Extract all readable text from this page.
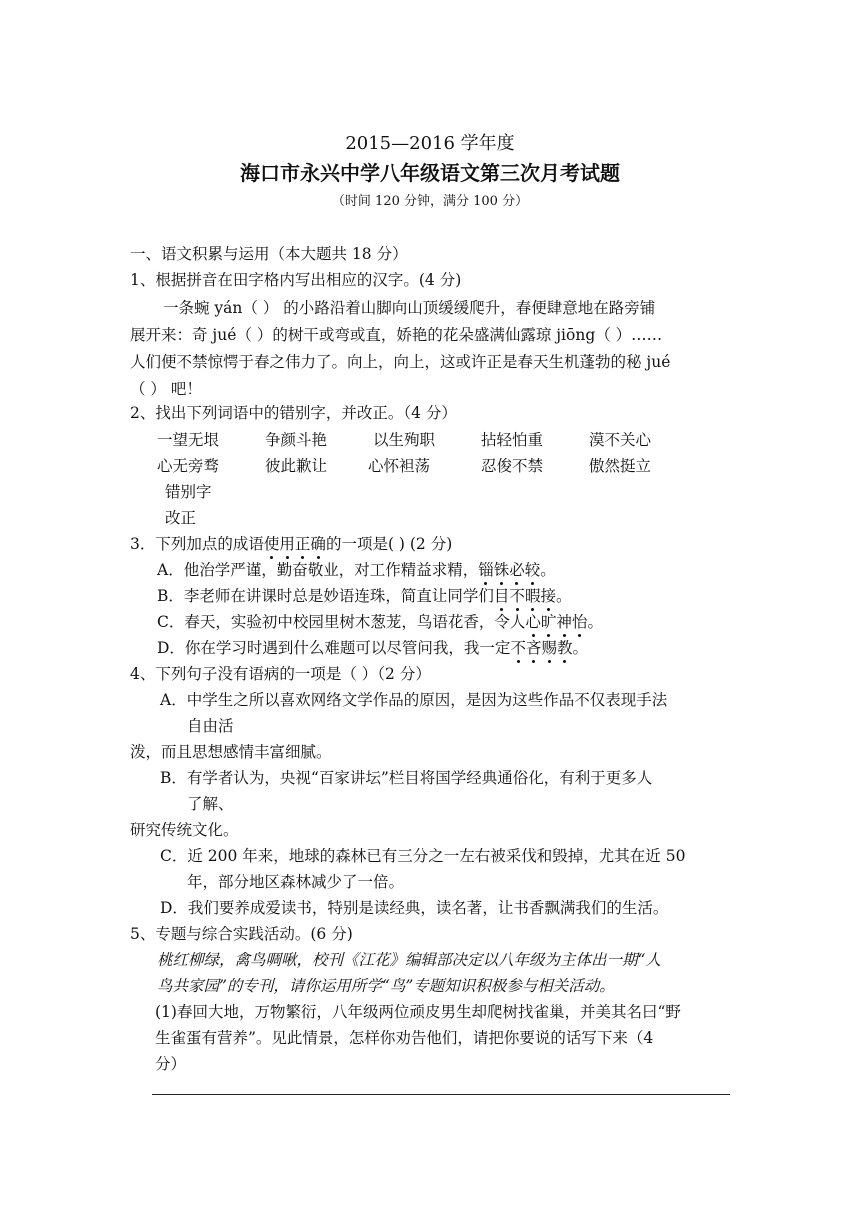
2015—2016 学年度
海口市永兴中学八年级语文第三次月考试题
（时间 120 分钟，满分 100 分）
一、语文积累与运用（本大题共 18 分）
1、根据拼音在田字格内写出相应的汉字。(4 分)
一条蜿 yán（ ） 的小路沿着山脚向山顶缓缓爬升，春便肆意地在路旁铺
展开来：奇 jué（ ）的树干或弯或直，娇艳的花朵盛满仙露琼 jiōng（ ）……
人们便不禁惊愕于春之伟力了。向上，向上，这或许正是春天生机蓬勃的秘 jué
（ ） 吧！
2、找出下列词语中的错别字，并改正。（4 分）
一望无垠	争颜斗艳	以生殉职	拈轻怕重	漠不关心
心无旁骛	彼此歉让	心怀袒荡	忍俊不禁	傲然挺立
错别字
改正
3．下列加点的成语使用正确的一项是( ) (2 分)
A．他治学严谨，勤奋敬业，对工作精益求精，锱铢必较。
B．李老师在讲课时总是妙语连珠，简直让同学们目不暇接。
C．春天，实验初中校园里树木葱茏，鸟语花香，令人心旷神怡。
D．你在学习时遇到什么难题可以尽管问我，我一定不吝赐教。
4、下列句子没有语病的一项是（ ）（2 分）
A．中学生之所以喜欢网络文学作品的原因，是因为这些作品不仅表现手法
自由活
泼，而且思想感情丰富细腻。
B．有学者认为，央视“百家讲坛”栏目将国学经典通俗化，有利于更多人
了解、
研究传统文化。
C．近 200 年来，地球的森林已有三分之一左右被采伐和毁掉，尤其在近 50
年，部分地区森林减少了一倍。
D．我们要养成爱读书，特别是读经典，读名著，让书香飘满我们的生活。
5、专题与综合实践活动。(6 分)
桃红柳绿，禽鸟啁啾，校刊《江花》编辑部决定以八年级为主体出一期“人
鸟共家园”的专刊，请你运用所学“鸟”专题知识积极参与相关活动。
(1)春回大地，万物繁衍，八年级两位顽皮男生却爬树找雀巢，并美其名曰“野
生雀蛋有营养”。见此情景，怎样你劝告他们，请把你要说的话写下来（4
分）
